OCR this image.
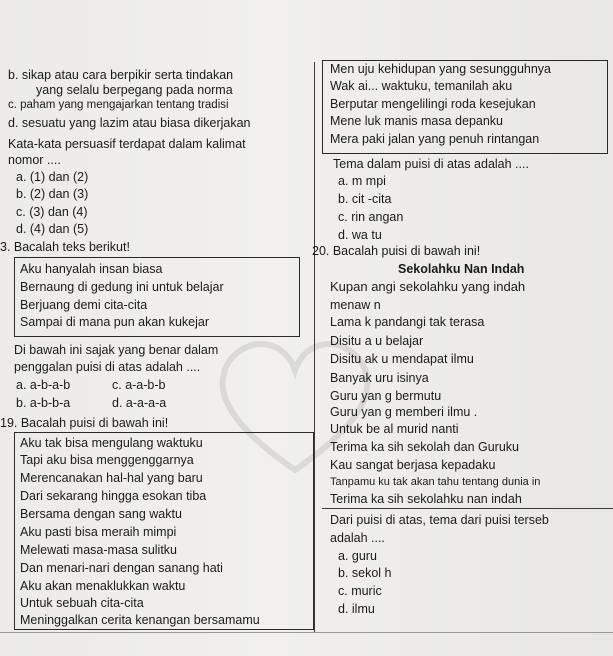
b. sikap atau cara berpikir serta tindakan
yang selalu berpegang pada norma
c. paham yang mengajarkan tentang tradisi
d. sesuatu yang lazim atau biasa dikerjakan
Kata-kata persuasif terdapat dalam kalimat
nomor ....
a. (1) dan (2)
b. (2) dan (3)
c. (3) dan (4)
d. (4) dan (5)
3. Bacalah teks berikut!
Aku hanyalah insan biasa
Bernaung di gedung ini untuk belajar
Berjuang demi cita-cita
Sampai di mana pun akan kukejar
Di bawah ini sajak yang benar dalam
penggalan puisi di atas adalah ....
a. a-b-a-b	c. a-a-b-b
b. a-b-b-a	d. a-a-a-a
19. Bacalah puisi di bawah ini!
Aku tak bisa mengulang waktuku
Tapi aku bisa menggenggarnya
Merencanakan hal-hal yang baru
Dari sekarang hingga esokan tiba
Bersama dengan sang waktu
Aku pasti bisa meraih mimpi
Melewati masa-masa sulitku
Dan menari-nari dengan sanang hati
Aku akan menaklukkan waktu
Untuk sebuah cita-cita
Meninggalkan cerita kenangan bersamamu
Men uju kehidupan yang sesungguhnya
Wak ai... waktuku, temanilah aku
Berputar mengelilingi roda kesejukan
Mene luk manis masa depanku
Mera paki jalan yang penuh rintangan
Tema dalam puisi di atas adalah ....
a. m mpi
b. cit -cita
c. rin angan
d. wa tu
20. Bacalah puisi di bawah ini!
Sekolahku Nan Indah
Kupan angi sekolahku yang indah
menaw n
Lama k pandangi tak terasa
Disitu a u belajar
Disitu ak u mendapat ilmu
Banyak uru isinya
Guru yan g bermutu
Guru yan g memberi ilmu .
Untuk be al murid nanti
Terima ka sih sekolah dan Guruku
Kau sangat berjasa kepadaku
Tanpamu ku tak akan tahu tentang dunia in
Terima ka sih sekolahku nan indah
Dari puisi di atas, tema dari puisi terseb
adalah ....
a. guru
b. sekol h
c. muric
d. ilmu
